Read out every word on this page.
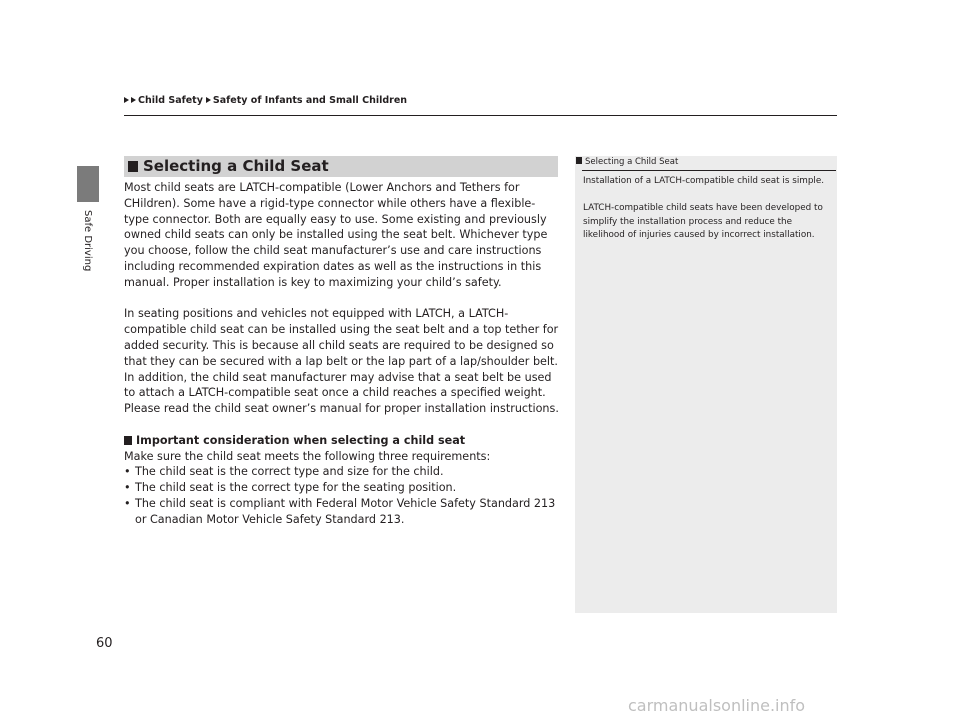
Safe Driving
Child Safety Safety of Infants and Small Children
Selecting a Child Seat

Most child seats are LATCH-compatible (Lower Anchors and Tethers for CHildren). Some have a rigid-type connector while others have a flexible-type connector. Both are equally easy to use. Some existing and previously owned child seats can only be installed using the seat belt. Whichever type you choose, follow the child seat manufacturer’s use and care instructions including recommended expiration dates as well as the instructions in this manual. Proper installation is key to maximizing your child’s safety.

In seating positions and vehicles not equipped with LATCH, a LATCH-compatible child seat can be installed using the seat belt and a top tether for added security. This is because all child seats are required to be designed so that they can be secured with a lap belt or the lap part of a lap/shoulder belt. In addition, the child seat manufacturer may advise that a seat belt be used to attach a LATCH-compatible seat once a child reaches a specified weight. Please read the child seat owner’s manual for proper installation instructions.

Important consideration when selecting a child seat
Make sure the child seat meets the following three requirements:
• The child seat is the correct type and size for the child.
• The child seat is the correct type for the seating position.
• The child seat is compliant with Federal Motor Vehicle Safety Standard 213 or Canadian Motor Vehicle Safety Standard 213.
Selecting a Child Seat

Installation of a LATCH-compatible child seat is simple.

LATCH-compatible child seats have been developed to simplify the installation process and reduce the likelihood of injuries caused by incorrect installation.

60
carmanualsonline.info
